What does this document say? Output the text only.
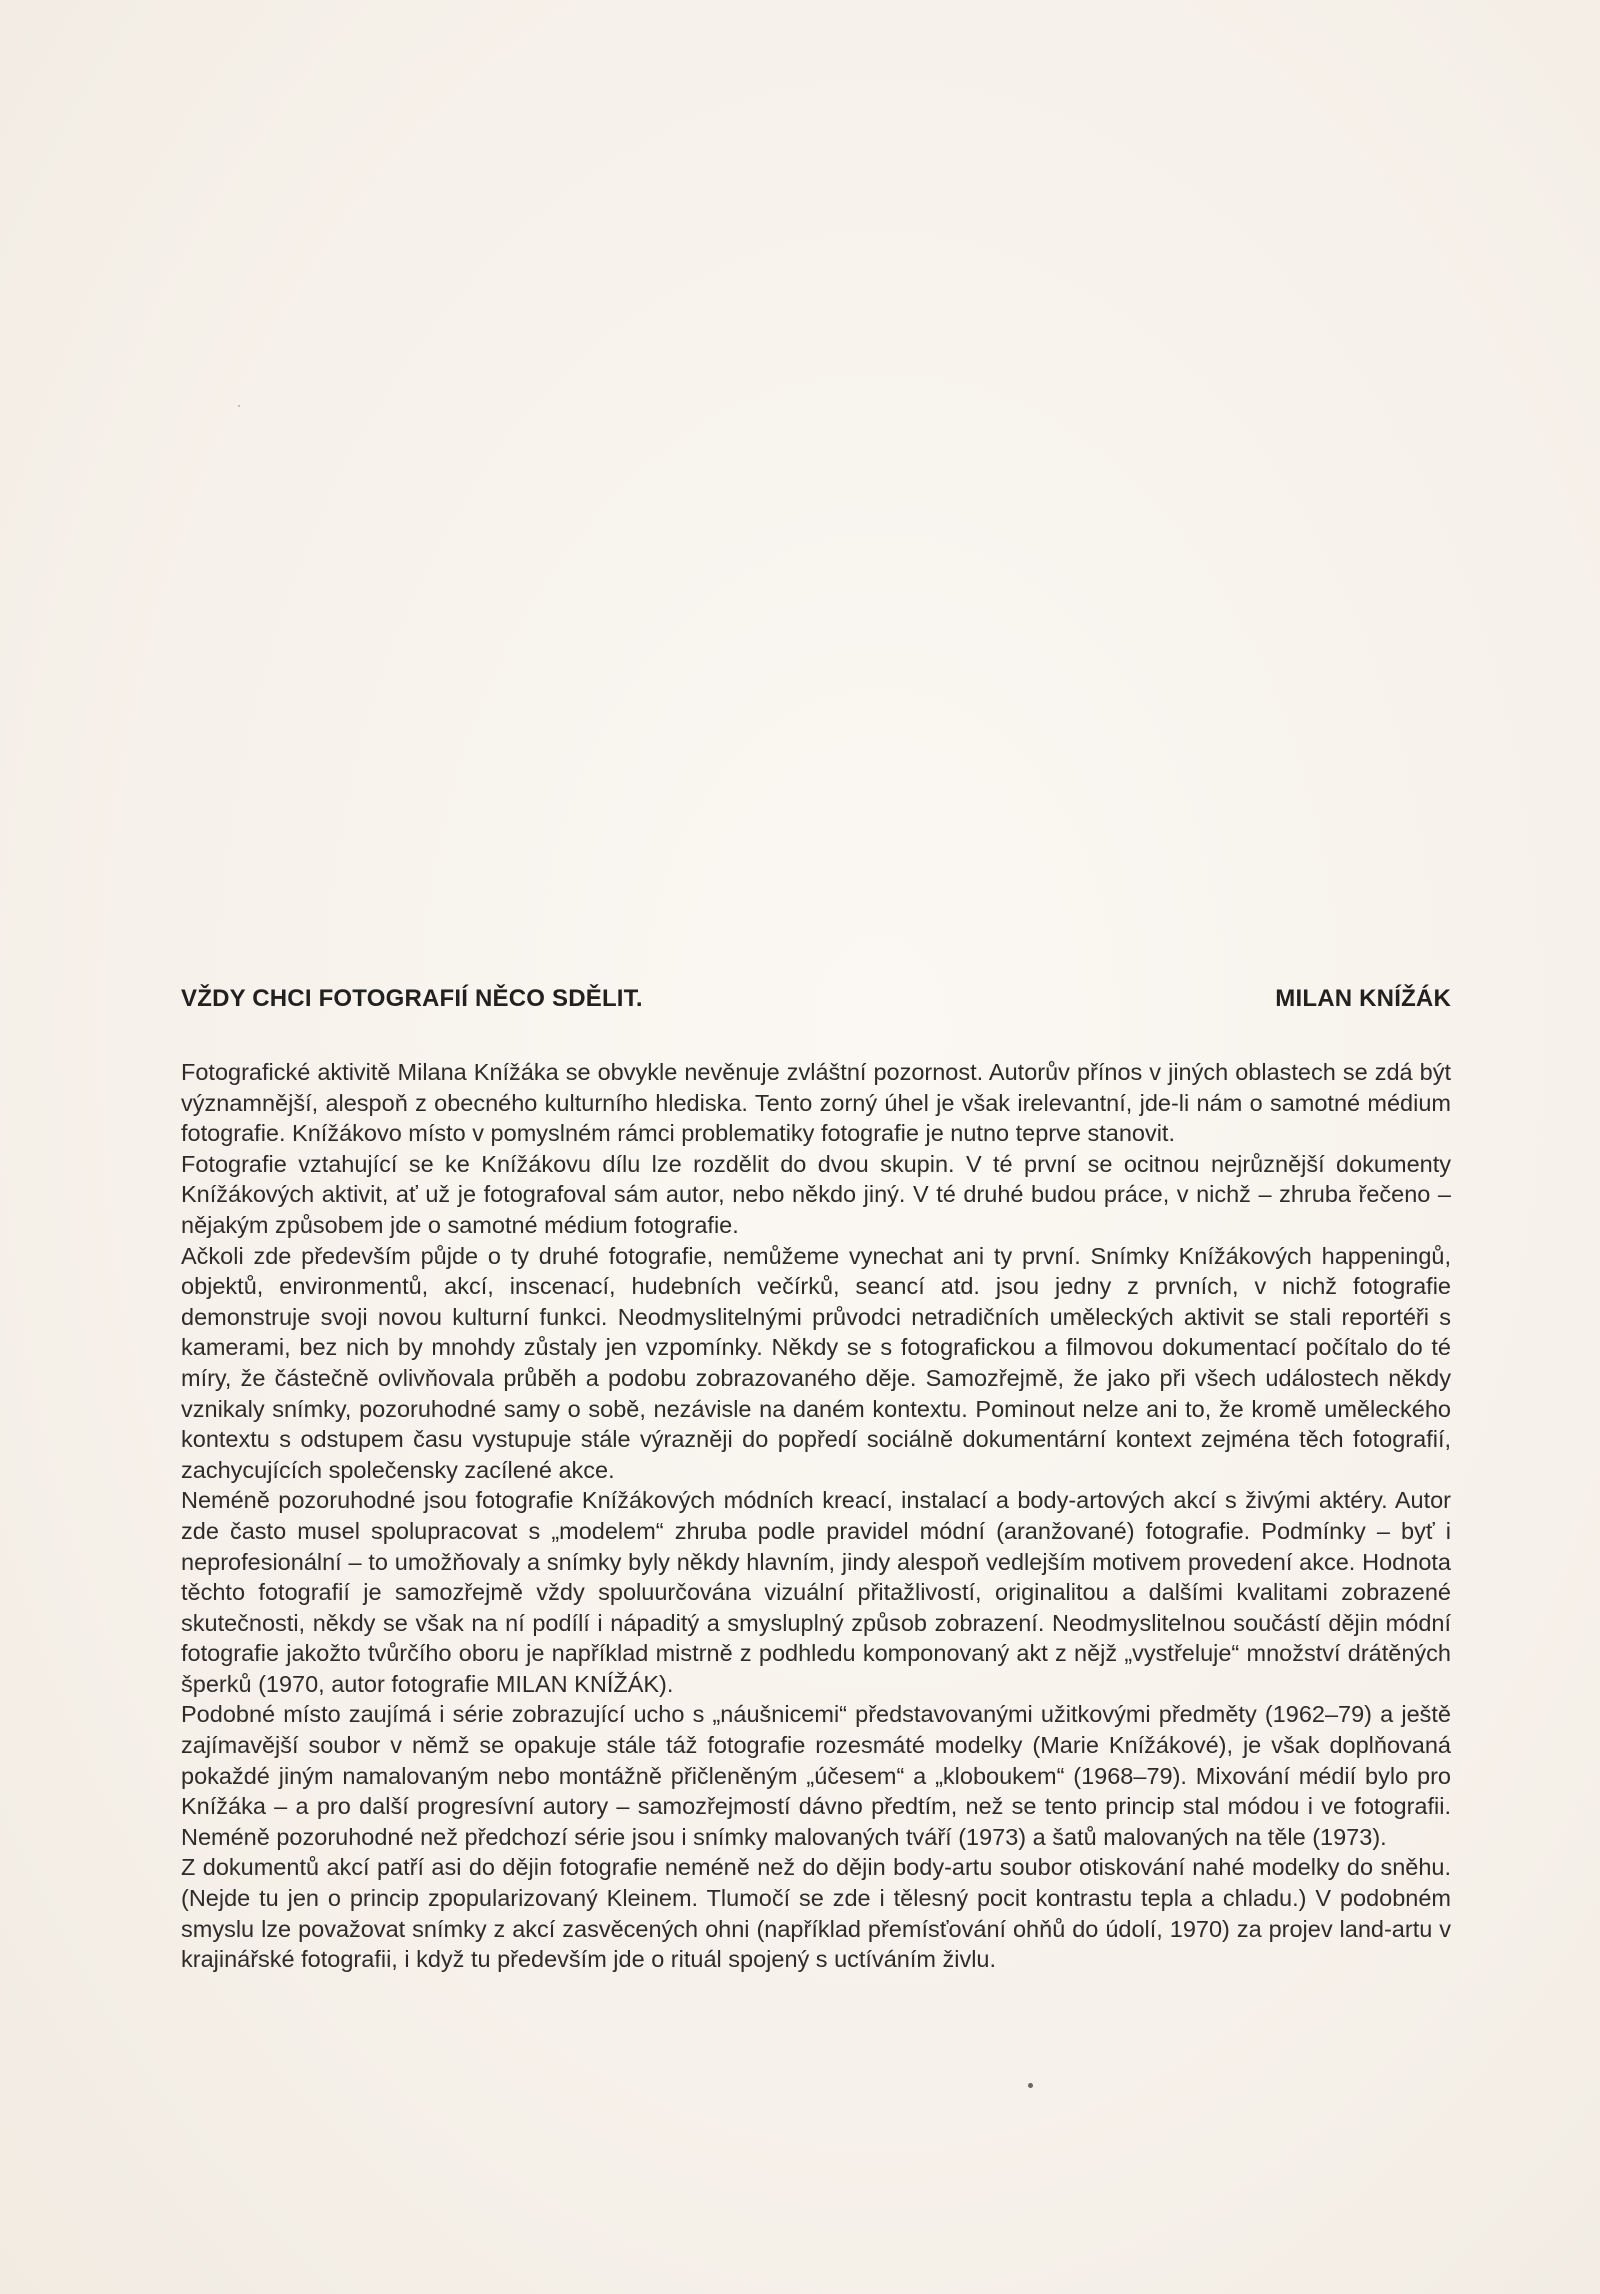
VŽDY CHCI FOTOGRAFIÍ NĚCO SDĚLIT.	MILAN KNÍŽÁK

Fotografické aktivitě Milana Knížáka se obvykle nevěnuje zvláštní pozornost. Autorův přínos v jiných oblastech se zdá být významnější, alespoň z obecného kulturního hlediska. Tento zorný úhel je však irelevantní, jde-li nám o samotné médium fotografie. Knížákovo místo v pomyslném rámci problematiky fotografie je nutno teprve stanovit.

Fotografie vztahující se ke Knížákovu dílu lze rozdělit do dvou skupin. V té první se ocitnou nejrůznější dokumenty Knížákových aktivit, ať už je fotografoval sám autor, nebo někdo jiný. V té druhé budou práce, v nichž – zhruba řečeno – nějakým způsobem jde o samotné médium fotografie.

Ačkoli zde především půjde o ty druhé fotografie, nemůžeme vynechat ani ty první. Snímky Knížákových happeningů, objektů, environmentů, akcí, inscenací, hudebních večírků, seancí atd. jsou jedny z prvních, v nichž fotografie demonstruje svoji novou kulturní funkci. Neodmyslitelnými průvodci netradičních uměleckých aktivit se stali reportéři s kamerami, bez nich by mnohdy zůstaly jen vzpomínky. Někdy se s fotografickou a filmovou dokumentací počítalo do té míry, že částečně ovlivňovala průběh a podobu zobrazovaného děje. Samozřejmě, že jako při všech událostech někdy vznikaly snímky, pozoruhodné samy o sobě, nezávisle na daném kontextu. Pominout nelze ani to, že kromě uměleckého kontextu s odstupem času vystupuje stále výrazněji do popředí sociálně dokumentární kontext zejména těch fotografií, zachycujících společensky zacílené akce.

Neméně pozoruhodné jsou fotografie Knížákových módních kreací, instalací a body-artových akcí s živými aktéry. Autor zde často musel spolupracovat s „modelem“ zhruba podle pravidel módní (aranžované) fotografie. Podmínky – byť i neprofesionální – to umožňovaly a snímky byly někdy hlavním, jindy alespoň vedlejším motivem provedení akce. Hodnota těchto fotografií je samozřejmě vždy spoluurčována vizuální přitažlivostí, originalitou a dalšími kvalitami zobrazené skutečnosti, někdy se však na ní podílí i nápaditý a smysluplný způsob zobrazení. Neodmyslitelnou součástí dějin módní fotografie jakožto tvůrčího oboru je například mistrně z podhledu komponovaný akt z nějž „vystřeluje“ množství drátěných šperků (1970, autor fotografie MILAN KNÍŽÁK).

Podobné místo zaujímá i série zobrazující ucho s „náušnicemi“ představovanými užitkovými předměty (1962–79) a ještě zajímavější soubor v němž se opakuje stále táž fotografie rozesmáté modelky (Marie Knížákové), je však doplňovaná pokaždé jiným namalovaným nebo montážně přičleněným „účesem“ a „kloboukem“ (1968–79). Mixování médií bylo pro Knížáka – a pro další progresívní autory – samozřejmostí dávno předtím, než se tento princip stal módou i ve fotografii. Neméně pozoruhodné než předchozí série jsou i snímky malovaných tváří (1973) a šatů malovaných na těle (1973).

Z dokumentů akcí patří asi do dějin fotografie neméně než do dějin body-artu soubor otiskování nahé modelky do sněhu. (Nejde tu jen o princip zpopularizovaný Kleinem. Tlumočí se zde i tělesný pocit kontrastu tepla a chladu.) V podobném smyslu lze považovat snímky z akcí zasvěcených ohni (například přemísťování ohňů do údolí, 1970) za projev land-artu v krajinářské fotografii, i když tu především jde o rituál spojený s uctíváním živlu.
